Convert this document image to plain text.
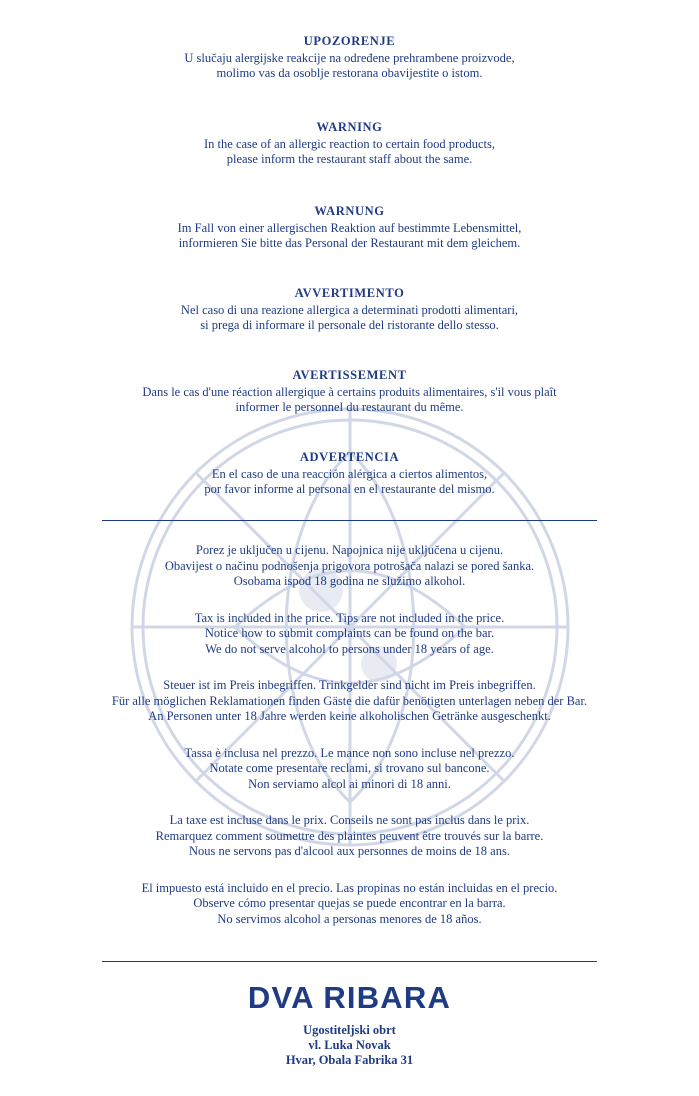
UPOZORENJE
U slučaju alergijske reakcije na određene prehrambene proizvode,
molimo vas da osoblje restorana obavijestite o istom.
WARNING
In the case of an allergic reaction to certain food products,
please inform the restaurant staff about the same.
WARNUNG
Im Fall von einer allergischen Reaktion auf bestimmte Lebensmittel,
informieren Sie bitte das Personal der Restaurant mit dem gleichem.
AVVERTIMENTO
Nel caso di una reazione allergica a determinati prodotti alimentari,
si prega di informare il personale del ristorante dello stesso.
AVERTISSEMENT
Dans le cas d'une réaction allergique à certains produits alimentaires, s'il vous plaît
informer le personnel du restaurant du même.
ADVERTENCIA
En el caso de una reacción alérgica a ciertos alimentos,
por favor informe al personal en el restaurante del mismo.
Porez je uključen u cijenu. Napojnica nije uključena u cijenu.
Obavijest o načinu podnošenja prigovora potrošača nalazi se pored šanka.
Osobama ispod 18 godina ne služimo alkohol.
Tax is included in the price. Tips are not included in the price.
Notice how to submit complaints can be found on the bar.
We do not serve alcohol to persons under 18 years of age.
Steuer ist im Preis inbegriffen. Trinkgelder sind nicht im Preis inbegriffen.
Für alle möglichen Reklamationen finden Gäste die dafür benötigten unterlagen neben der Bar.
An Personen unter 18 Jahre werden keine alkoholischen Getränke ausgeschenkt.
Tassa è inclusa nel prezzo. Le mance non sono incluse nel prezzo.
Notate come presentare reclami, si trovano sul bancone.
Non serviamo alcol ai minori di 18 anni.
La taxe est incluse dans le prix. Conseils ne sont pas inclus dans le prix.
Remarquez comment soumettre des plaintes peuvent être trouvés sur la barre.
Nous ne servons pas d'alcool aux personnes de moins de 18 ans.
El impuesto está incluido en el precio. Las propinas no están incluidas en el precio.
Observe cómo presentar quejas se puede encontrar en la barra.
No servimos alcohol a personas menores de 18 años.
DVA RIBARA
Ugostiteljski obrt
vl. Luka Novak
Hvar, Obala Fabrika 31
